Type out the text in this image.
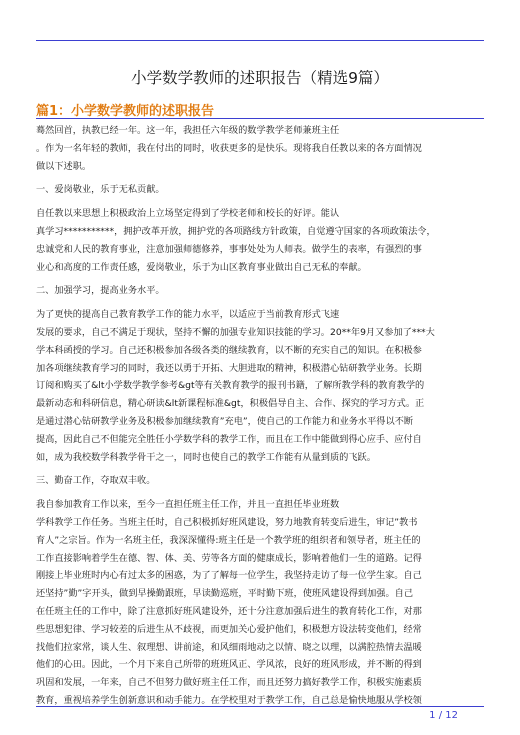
小学数学教师的述职报告（精选9篇）
篇1：小学数学教师的述职报告

蓦然回首，执教已经一年。这一年，我担任六年级的数学教学老师兼班主任

。作为一名年轻的教师，我在付出的同时，收获更多的是快乐。现将我自任教以来的各方面情况

做以下述职。

一、爱岗敬业，乐于无私贡献。

自任教以来思想上积极政治上立场坚定得到了学校老师和校长的好评。能认

真学习***********，拥护改革开放，拥护党的各项路线方针政策，自觉遵守国家的各项政策法令，

忠诚党和人民的教育事业，注意加强师德修养，事事处处为人师表。做学生的表率，有强烈的事

业心和高度的工作责任感，爱岗敬业，乐于为山区教育事业做出自己无私的奉献。

二、加强学习，提高业务水平。

为了更快的提高自己教育教学工作的能力水平，以适应于当前教育形式飞速

发展的要求，自己不满足于现状，坚持不懈的加强专业知识技能的学习。20**年9月又参加了***大

学本科函授的学习。自己还积极参加各级各类的继续教育，以不断的充实自己的知识。在积极参

加各项继续教育学习的同时，我还以勇于开拓、大胆进取的精神，积极潜心钻研教学业务。长期

订阅和购买了&lt小学数学教学参考&gt等有关教育教学的报刊书籍，了解所教学科的教育教学的

最新动态和科研信息，精心研读&lt新课程标准&gt，积极倡导自主、合作、探究的学习方式。正

是通过潜心钻研教学业务及积极参加继续教育”充电”，使自己的工作能力和业务水平得以不断

提高，因此自己不但能完全胜任小学数学科的教学工作，而且在工作中能做到得心应手、应付自

如，成为我校数学科教学骨干之一，同时也使自己的教学工作能有从量到质的飞跃。

三、勤奋工作，夺取双丰收。

我自参加教育工作以来，至今一直担任班主任工作，并且一直担任毕业班数

学科教学工作任务。当班主任时，自己积极抓好班风建设，努力地教育转变后进生，审记”教书

育人”之宗旨。作为一名班主任，我深深懂得:班主任是一个教学班的组织者和领导者，班主任的

工作直接影响着学生在德、智、体、美、劳等各方面的健康成长，影响着他们一生的道路。记得

刚接上毕业班时内心有过太多的困惑，为了了解每一位学生，我坚持走访了每一位学生家。自己

还坚持”勤”字开头，做到早操勤跟班，早读勤巡班，平时勤下班，使班风建设得到加强。自己

在任班主任的工作中，除了注意抓好班风建设外，还十分注意加强后进生的教育转化工作，对那

些思想犯律、学习较差的后进生从不歧视，而更加关心爱护他们，积极想方设法转变他们，经常

找他们拉家常，谈人生、叙理想、讲前途，和风细雨地动之以情、晓之以理，以满腔热情去温暖

他们的心田。因此，一个月下来自己所带的班班风正、学风浓，良好的班风形成，并不断的得到

巩固和发展，一年来，自己不但努力做好班主任工作，而且还努力搞好教学工作，积极实施素质

教育，重视培养学生创新意识和动手能力。在学校里对于教学工作，自己总是愉快地服从学校领

1 / 12
